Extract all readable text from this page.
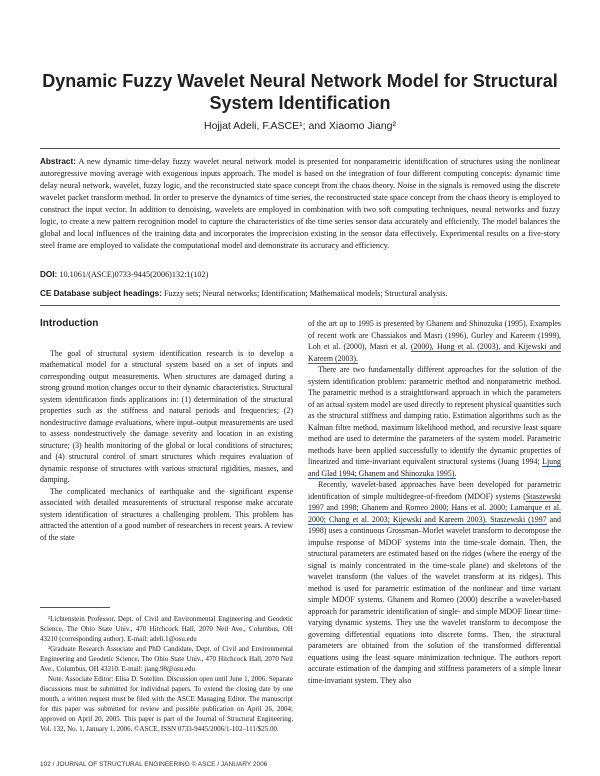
Dynamic Fuzzy Wavelet Neural Network Model for Structural System Identification
Hojjat Adeli, F.ASCE¹; and Xiaomo Jiang²
Abstract: A new dynamic time-delay fuzzy wavelet neural network model is presented for nonparametric identification of structures using the nonlinear autoregressive moving average with exogenous inputs approach. The model is based on the integration of four different computing concepts: dynamic time delay neural network, wavelet, fuzzy logic, and the reconstructed state space concept from the chaos theory. Noise in the signals is removed using the discrete wavelet packet transform method. In order to preserve the dynamics of time series, the reconstructed state space concept from the chaos theory is employed to construct the input vector. In addition to denoising, wavelets are employed in combination with two soft computing techniques, neural networks and fuzzy logic, to create a new pattern recognition model to capture the characteristics of the time series sensor data accurately and efficiently. The model balances the global and local influences of the training data and incorporates the imprecision existing in the sensor data effectively. Experimental results on a five-story steel frame are employed to validate the computational model and demonstrate its accuracy and efficiency.
DOI: 10.1061/(ASCE)0733-9445(2006)132:1(102)
CE Database subject headings: Fuzzy sets; Neural networks; Identification; Mathematical models; Structural analysis.
Introduction

The goal of structural system identification research is to develop a mathematical model for a structural system based on a set of inputs and corresponding output measurements. When structures are damaged during a strong ground motion changes occur to their dynamic characteristics. Structural system identification finds applications in: (1) determination of the structural properties such as the stiffness and natural periods and frequencies; (2) nondestructive damage evaluations, where input–output measurements are used to assess nondestructively the damage severity and location in an existing structure; (3) health monitoring of the global or local conditions of structures; and (4) structural control of smart structures which requires evaluation of dynamic response of structures with various structural rigidities, masses, and damping.

The complicated mechanics of earthquake and the significant expense associated with detailed measurements of structural response make accurate system identification of structures a challenging problem. This problem has attracted the attention of a good number of researchers in recent years. A review of the state

¹Lichtenstein Professor, Dept. of Civil and Environmental Engineering and Geodetic Science, The Ohio State Univ., 470 Hitchcock Hall, 2070 Neil Ave., Columbus, OH 43210 (corresponding author). E-mail: adeli.1@osu.edu

²Graduate Research Associate and PhD Candidate, Dept. of Civil and Environmental Engineering and Geodetic Science, The Ohio State Univ., 470 Hitchcock Hall, 2070 Neil Ave., Columbus, OH 43210. E-mail: jiang.98@osu.edu

Note. Associate Editor: Elisa D. Sotelino. Discussion open until June 1, 2006. Separate discussions must be submitted for individual papers. To extend the closing date by one month, a written request must be filed with the ASCE Managing Editor. The manuscript for this paper was submitted for review and possible publication on April 26, 2004; approved on April 20, 2005. This paper is part of the Journal of Structural Engineering, Vol. 132, No. 1, January 1, 2006. ©ASCE, ISSN 0733-9445/2006/1-102–111/$25.00.

of the art up to 1995 is presented by Ghanem and Shinozuka (1995). Examples of recent work are Chassiakos and Masri (1996), Gurley and Kareem (1999), Loh et al. (2000), Masri et al. (2000), Hung et al. (2003), and Kijewski and Kareem (2003).

There are two fundamentally different approaches for the solution of the system identification problem: parametric method and nonparametric method. The parametric method is a straightforward approach in which the parameters of an actual system model are used directly to represent physical quantities such as the structural stiffness and damping ratio. Estimation algorithms such as the Kalman filter method, maximum likelihood method, and recursive least square method are used to determine the parameters of the system model. Parametric methods have been applied successfully to identify the dynamic properties of linearized and time-invariant equivalent structural systems (Juang 1994; Ljung and Glad 1994; Ghanem and Shinozuka 1995).

Recently, wavelet-based approaches have been developed for parametric identification of simple multidegree-of-freedom (MDOF) systems (Staszewski 1997 and 1998; Ghanem and Romeo 2000; Hans et al. 2000; Lamarque et al. 2000; Chang et al. 2003; Kijewski and Kareem 2003). Staszewski (1997 and 1998) uses a continuous Grossman–Morlet wavelet transform to decompose the impulse response of MDOF systems into the time-scale domain. Then, the structural parameters are estimated based on the ridges (where the energy of the signal is mainly concentrated in the time-scale plane) and skeletons of the wavelet transform (the values of the wavelet transform at its ridges). This method is used for parametric estimation of the nonlinear and time variant simple MDOF systems. Ghanem and Romeo (2000) describe a wavelet-based approach for parametric identification of single- and simple MDOF linear time-varying dynamic systems. They use the wavelet transform to decompose the governing differential equations into discrete forms. Then, the structural parameters are obtained from the solution of the transformed differential equations using the least square minimization technique. The authors report accurate estimation of the damping and stiffness parameters of a simple linear time-invariant system. They also

102 / JOURNAL OF STRUCTURAL ENGINEERING © ASCE / JANUARY 2006
